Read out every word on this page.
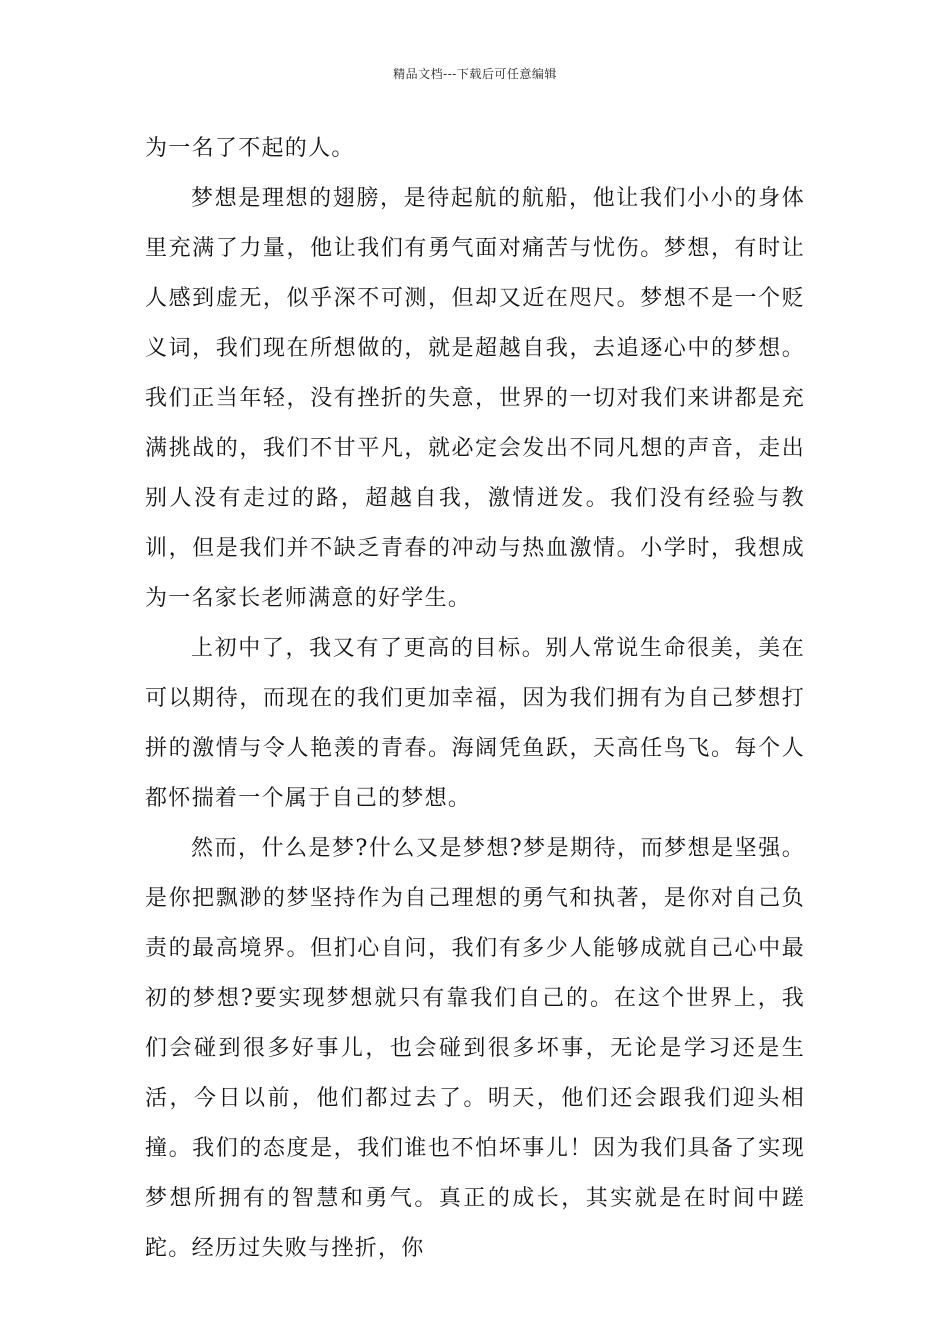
精品文档---下载后可任意编辑

为一名了不起的人。

梦想是理想的翅膀，是待起航的航船，他让我们小小的身体里充满了力量，他让我们有勇气面对痛苦与忧伤。梦想，有时让人感到虚无，似乎深不可测，但却又近在咫尺。梦想不是一个贬义词，我们现在所想做的，就是超越自我，去追逐心中的梦想。我们正当年轻，没有挫折的失意，世界的一切对我们来讲都是充满挑战的，我们不甘平凡，就必定会发出不同凡想的声音，走出别人没有走过的路，超越自我，激情迸发。我们没有经验与教训，但是我们并不缺乏青春的冲动与热血激情。小学时，我想成为一名家长老师满意的好学生。

上初中了，我又有了更高的目标。别人常说生命很美，美在可以期待，而现在的我们更加幸福，因为我们拥有为自己梦想打拼的激情与令人艳羡的青春。海阔凭鱼跃，天高任鸟飞。每个人都怀揣着一个属于自己的梦想。

然而，什么是梦?什么又是梦想?梦是期待，而梦想是坚强。是你把飘渺的梦坚持作为自己理想的勇气和执著，是你对自己负责的最高境界。但扪心自问，我们有多少人能够成就自己心中最初的梦想?要实现梦想就只有靠我们自己的。在这个世界上，我们会碰到很多好事儿，也会碰到很多坏事，无论是学习还是生活，今日以前，他们都过去了。明天，他们还会跟我们迎头相撞。我们的态度是，我们谁也不怕坏事儿！因为我们具备了实现梦想所拥有的智慧和勇气。真正的成长，其实就是在时间中蹉跎。经历过失败与挫折，你
